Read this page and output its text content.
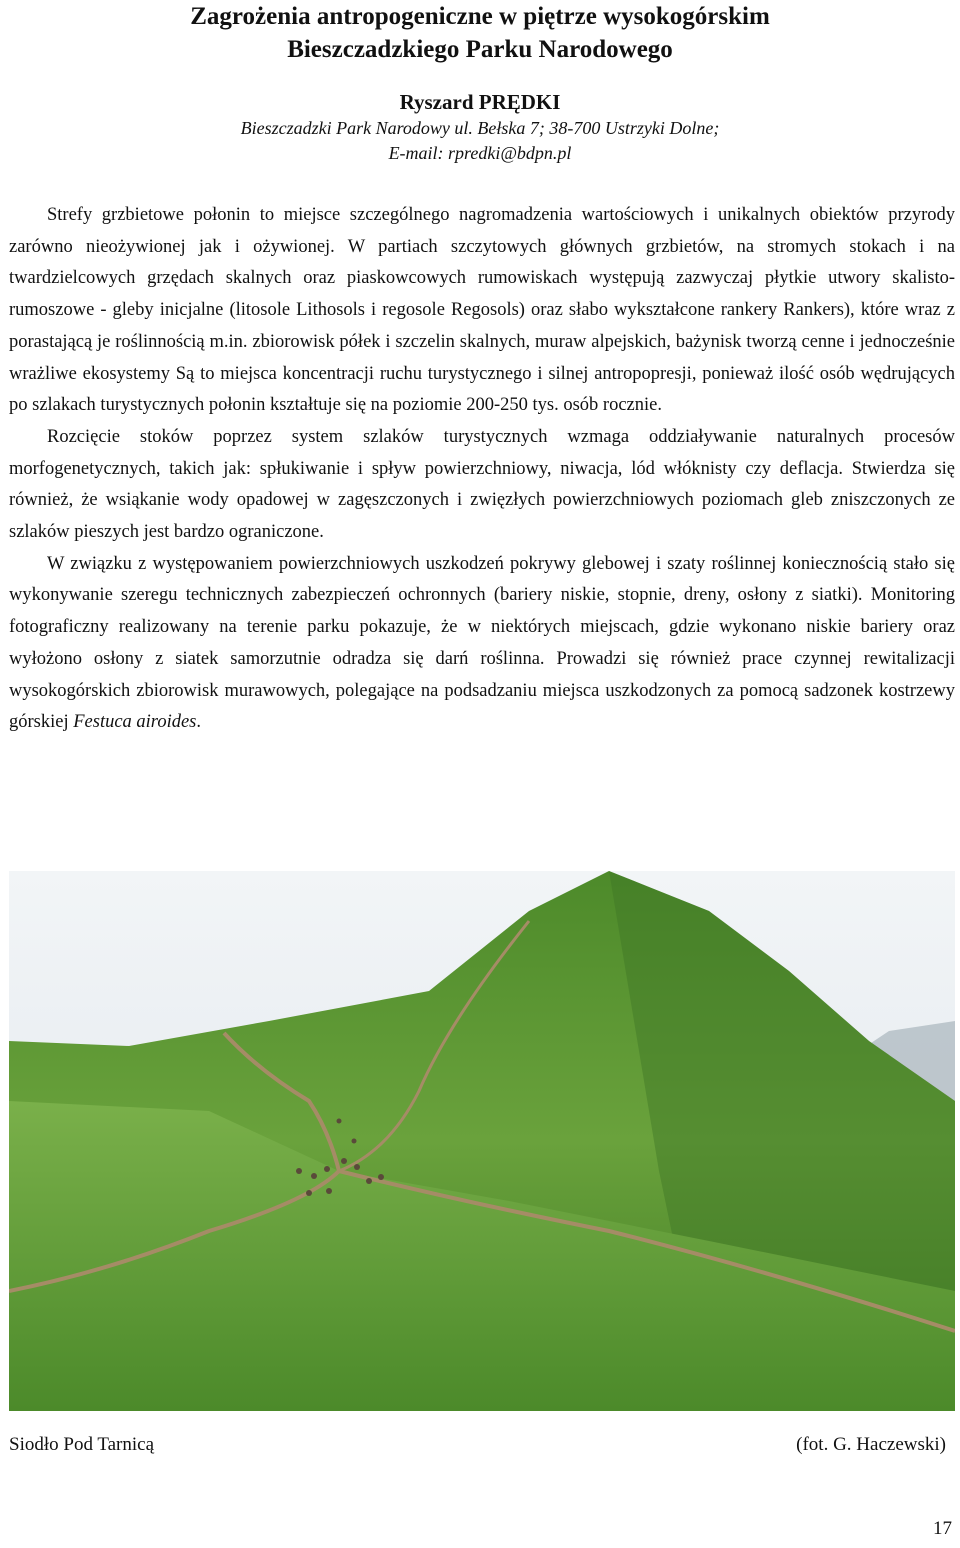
Zagrożenia antropogeniczne w piętrze wysokogórskim
Bieszczadzkiego Parku Narodowego
Ryszard PRĘDKI
Bieszczadzki Park Narodowy ul. Bełska 7; 38-700 Ustrzyki Dolne;
E-mail: rpredki@bdpn.pl

Strefy grzbietowe połonin to miejsce szczególnego nagromadzenia wartościowych i unikalnych obiektów przyrody zarówno nieożywionej jak i ożywionej. W partiach szczytowych głównych grzbietów, na stromych stokach i na twardzielcowych grzędach skalnych oraz piaskowcowych rumowiskach występują zazwyczaj płytkie utwory skalisto-rumoszowe - gleby inicjalne (litosole Lithosols i regosole Regosols) oraz słabo wykształcone rankery Rankers), które wraz z porastającą je roślinnością m.in. zbiorowisk półek i szczelin skalnych, muraw alpejskich, bażynisk tworzą cenne i jednocześnie wrażliwe ekosystemy Są to miejsca koncentracji ruchu turystycznego i silnej antropopresji, ponieważ ilość osób wędrujących po szlakach turystycznych połonin kształtuje się na poziomie 200-250 tys. osób rocznie.

Rozcięcie stoków poprzez system szlaków turystycznych wzmaga oddziaływanie naturalnych procesów morfogenetycznych, takich jak: spłukiwanie i spływ powierzchniowy, niwacja, lód włóknisty czy deflacja. Stwierdza się również, że wsiąkanie wody opadowej w zagęszczonych i zwięzłych powierzchniowych poziomach gleb zniszczonych ze szlaków pieszych jest bardzo ograniczone.

W związku z występowaniem powierzchniowych uszkodzeń pokrywy glebowej i szaty roślinnej koniecznością stało się wykonywanie szeregu technicznych zabezpieczeń ochronnych (bariery niskie, stopnie, dreny, osłony z siatki). Monitoring fotograficzny realizowany na terenie parku pokazuje, że w niektórych miejscach, gdzie wykonano niskie bariery oraz wyłożono osłony z siatek samorzutnie odradza się darń roślinna. Prowadzi się również prace czynnej rewitalizacji wysokogórskich zbiorowisk murawowych, polegające na podsadzaniu miejsca uszkodzonych za pomocą sadzonek kostrzewy górskiej Festuca airoides.

Siodło Pod Tarnicą	(fot. G. Haczewski)
17
